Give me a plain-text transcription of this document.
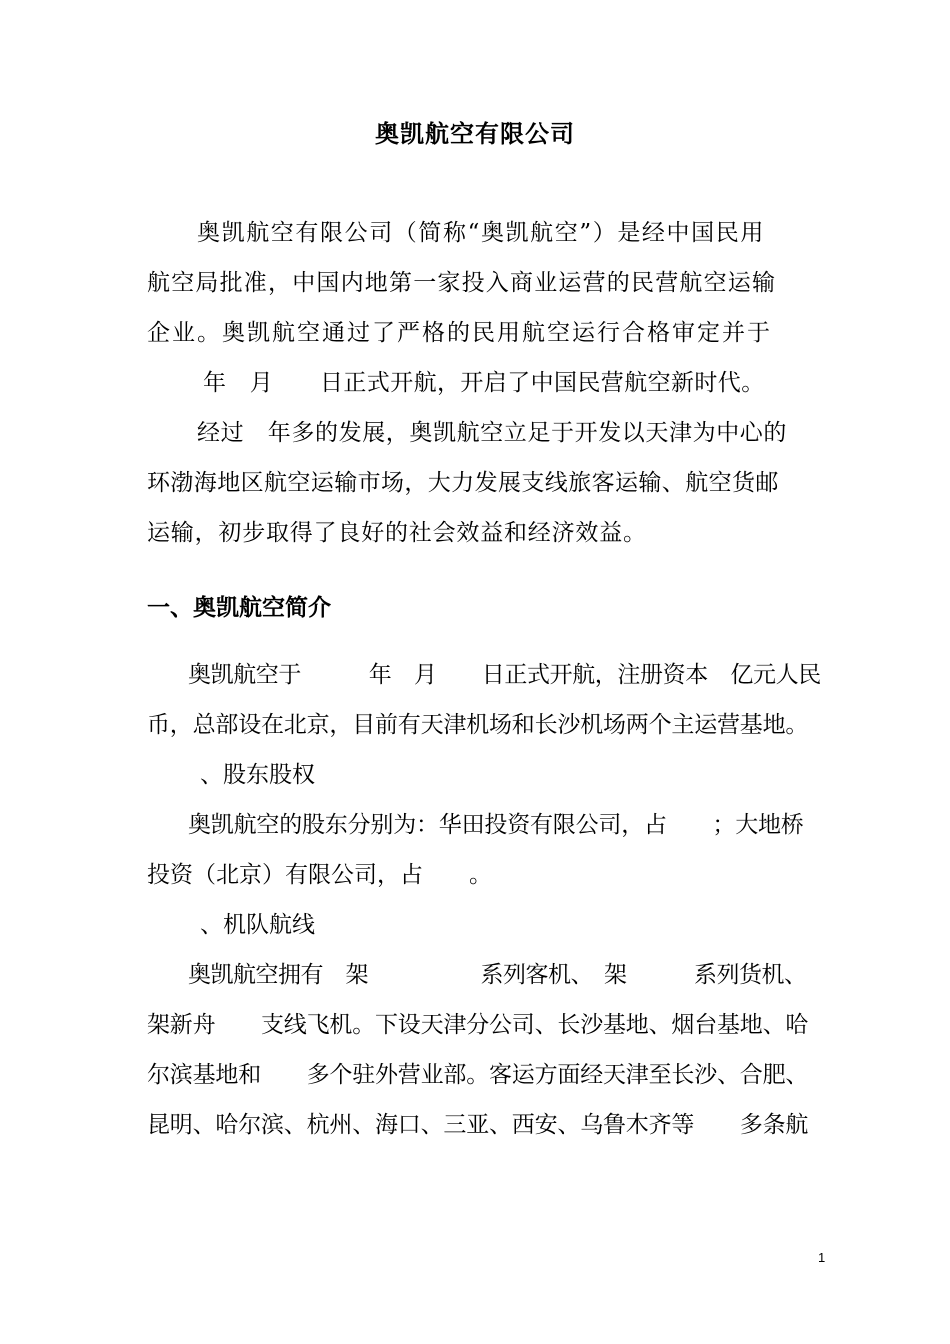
奥凯航空有限公司
奥凯航空有限公司（简称“奥凯航空”）是经中国民用
航空局批准，中国内地第一家投入商业运营的民营航空运输
企业。奥凯航空通过了严格的民用航空运行合格审定并于
年　月　　日正式开航，开启了中国民营航空新时代。
经过　年多的发展，奥凯航空立足于开发以天津为中心的
环渤海地区航空运输市场，大力发展支线旅客运输、航空货邮
运输，初步取得了良好的社会效益和经济效益。
一、奥凯航空简介
奥凯航空于　　　年　月　　日正式开航，注册资本　亿元人民
币，总部设在北京，目前有天津机场和长沙机场两个主运营基地。
、股东股权
奥凯航空的股东分别为：华田投资有限公司，占　　；大地桥
投资（北京）有限公司，占　　。
、机队航线
奥凯航空拥有　架　　　　　系列客机、　架　　　系列货机、
架新舟　　支线飞机。下设天津分公司、长沙基地、烟台基地、哈
尔滨基地和　　多个驻外营业部。客运方面经天津至长沙、合肥、
昆明、哈尔滨、杭州、海口、三亚、西安、乌鲁木齐等　　多条航
1
